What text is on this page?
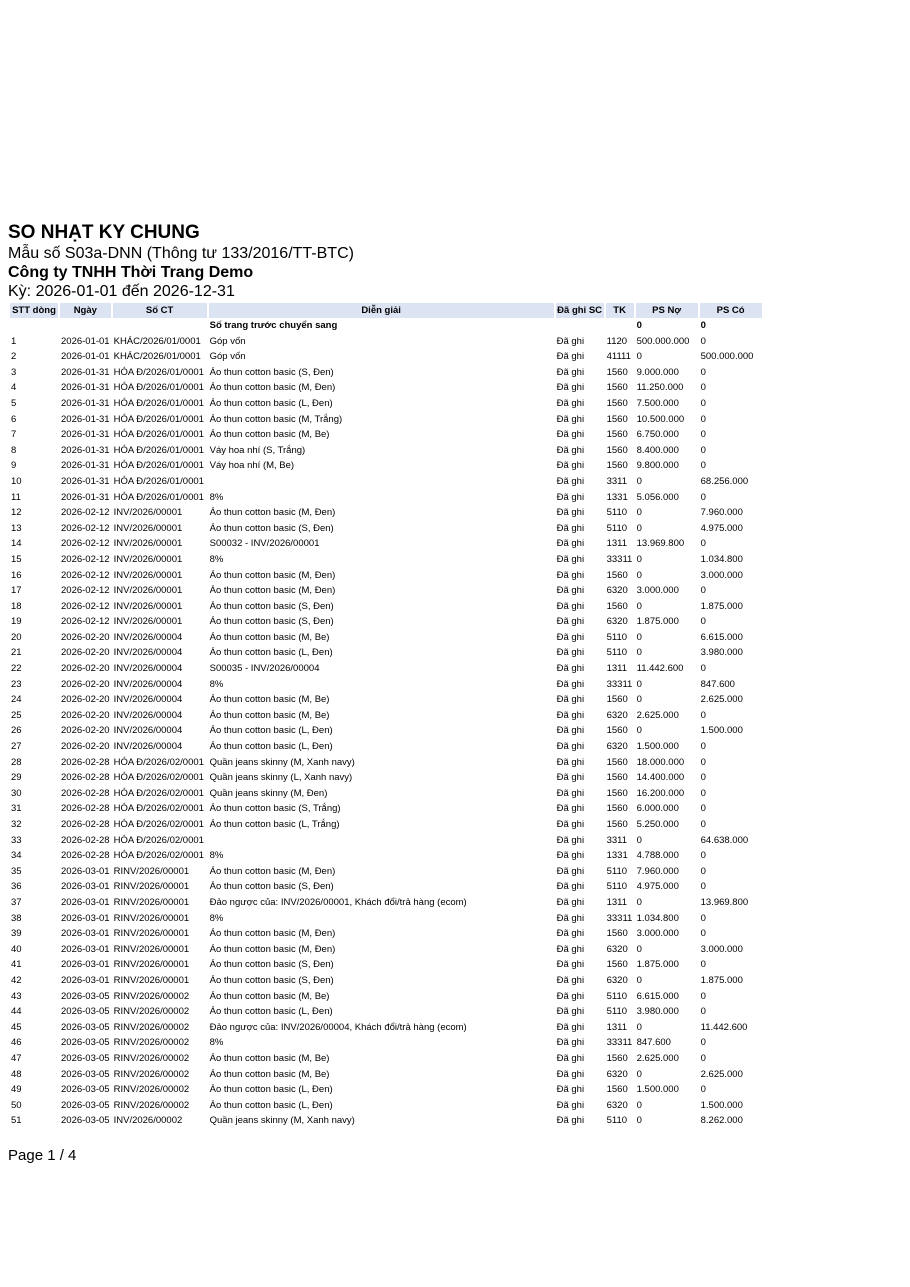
SO NHẠT KY CHUNG
Mẫu số S03a-DNN (Thông tư 133/2016/TT-BTC)
Công ty TNHH Thời Trang Demo
Kỳ: 2026-01-01 đến 2026-12-31
STT dòng	Ngày	Số CT	Diễn giải	Đã ghi SC	TK	PS Nợ	PS Có
			Số trang trước chuyển sang			0	0
1	2026-01-01	KHÁC/2026/01/0001	Góp vốn	Đã ghi	1120	500.000.000	0
2	2026-01-01	KHÁC/2026/01/0001	Góp vốn	Đã ghi	41111	0	500.000.000
3	2026-01-31	HÓA Đ/2026/01/0001	Áo thun cotton basic (S, Đen)	Đã ghi	1560	9.000.000	0
4	2026-01-31	HÓA Đ/2026/01/0001	Áo thun cotton basic (M, Đen)	Đã ghi	1560	11.250.000	0
5	2026-01-31	HÓA Đ/2026/01/0001	Áo thun cotton basic (L, Đen)	Đã ghi	1560	7.500.000	0
6	2026-01-31	HÓA Đ/2026/01/0001	Áo thun cotton basic (M, Trắng)	Đã ghi	1560	10.500.000	0
7	2026-01-31	HÓA Đ/2026/01/0001	Áo thun cotton basic (M, Be)	Đã ghi	1560	6.750.000	0
8	2026-01-31	HÓA Đ/2026/01/0001	Váy hoa nhí (S, Trắng)	Đã ghi	1560	8.400.000	0
9	2026-01-31	HÓA Đ/2026/01/0001	Váy hoa nhí (M, Be)	Đã ghi	1560	9.800.000	0
10	2026-01-31	HÓA Đ/2026/01/0001		Đã ghi	3311	0	68.256.000
11	2026-01-31	HÓA Đ/2026/01/0001	8%	Đã ghi	1331	5.056.000	0
12	2026-02-12	INV/2026/00001	Áo thun cotton basic (M, Đen)	Đã ghi	5110	0	7.960.000
13	2026-02-12	INV/2026/00001	Áo thun cotton basic (S, Đen)	Đã ghi	5110	0	4.975.000
14	2026-02-12	INV/2026/00001	S00032 - INV/2026/00001	Đã ghi	1311	13.969.800	0
15	2026-02-12	INV/2026/00001	8%	Đã ghi	33311	0	1.034.800
16	2026-02-12	INV/2026/00001	Áo thun cotton basic (M, Đen)	Đã ghi	1560	0	3.000.000
17	2026-02-12	INV/2026/00001	Áo thun cotton basic (M, Đen)	Đã ghi	6320	3.000.000	0
18	2026-02-12	INV/2026/00001	Áo thun cotton basic (S, Đen)	Đã ghi	1560	0	1.875.000
19	2026-02-12	INV/2026/00001	Áo thun cotton basic (S, Đen)	Đã ghi	6320	1.875.000	0
20	2026-02-20	INV/2026/00004	Áo thun cotton basic (M, Be)	Đã ghi	5110	0	6.615.000
21	2026-02-20	INV/2026/00004	Áo thun cotton basic (L, Đen)	Đã ghi	5110	0	3.980.000
22	2026-02-20	INV/2026/00004	S00035 - INV/2026/00004	Đã ghi	1311	11.442.600	0
23	2026-02-20	INV/2026/00004	8%	Đã ghi	33311	0	847.600
24	2026-02-20	INV/2026/00004	Áo thun cotton basic (M, Be)	Đã ghi	1560	0	2.625.000
25	2026-02-20	INV/2026/00004	Áo thun cotton basic (M, Be)	Đã ghi	6320	2.625.000	0
26	2026-02-20	INV/2026/00004	Áo thun cotton basic (L, Đen)	Đã ghi	1560	0	1.500.000
27	2026-02-20	INV/2026/00004	Áo thun cotton basic (L, Đen)	Đã ghi	6320	1.500.000	0
28	2026-02-28	HÓA Đ/2026/02/0001	Quần jeans skinny (M, Xanh navy)	Đã ghi	1560	18.000.000	0
29	2026-02-28	HÓA Đ/2026/02/0001	Quần jeans skinny (L, Xanh navy)	Đã ghi	1560	14.400.000	0
30	2026-02-28	HÓA Đ/2026/02/0001	Quần jeans skinny (M, Đen)	Đã ghi	1560	16.200.000	0
31	2026-02-28	HÓA Đ/2026/02/0001	Áo thun cotton basic (S, Trắng)	Đã ghi	1560	6.000.000	0
32	2026-02-28	HÓA Đ/2026/02/0001	Áo thun cotton basic (L, Trắng)	Đã ghi	1560	5.250.000	0
33	2026-02-28	HÓA Đ/2026/02/0001		Đã ghi	3311	0	64.638.000
34	2026-02-28	HÓA Đ/2026/02/0001	8%	Đã ghi	1331	4.788.000	0
35	2026-03-01	RINV/2026/00001	Áo thun cotton basic (M, Đen)	Đã ghi	5110	7.960.000	0
36	2026-03-01	RINV/2026/00001	Áo thun cotton basic (S, Đen)	Đã ghi	5110	4.975.000	0
37	2026-03-01	RINV/2026/00001	Đảo ngược của: INV/2026/00001, Khách đổi/trả hàng (ecom)	Đã ghi	1311	0	13.969.800
38	2026-03-01	RINV/2026/00001	8%	Đã ghi	33311	1.034.800	0
39	2026-03-01	RINV/2026/00001	Áo thun cotton basic (M, Đen)	Đã ghi	1560	3.000.000	0
40	2026-03-01	RINV/2026/00001	Áo thun cotton basic (M, Đen)	Đã ghi	6320	0	3.000.000
41	2026-03-01	RINV/2026/00001	Áo thun cotton basic (S, Đen)	Đã ghi	1560	1.875.000	0
42	2026-03-01	RINV/2026/00001	Áo thun cotton basic (S, Đen)	Đã ghi	6320	0	1.875.000
43	2026-03-05	RINV/2026/00002	Áo thun cotton basic (M, Be)	Đã ghi	5110	6.615.000	0
44	2026-03-05	RINV/2026/00002	Áo thun cotton basic (L, Đen)	Đã ghi	5110	3.980.000	0
45	2026-03-05	RINV/2026/00002	Đảo ngược của: INV/2026/00004, Khách đổi/trả hàng (ecom)	Đã ghi	1311	0	11.442.600
46	2026-03-05	RINV/2026/00002	8%	Đã ghi	33311	847.600	0
47	2026-03-05	RINV/2026/00002	Áo thun cotton basic (M, Be)	Đã ghi	1560	2.625.000	0
48	2026-03-05	RINV/2026/00002	Áo thun cotton basic (M, Be)	Đã ghi	6320	0	2.625.000
49	2026-03-05	RINV/2026/00002	Áo thun cotton basic (L, Đen)	Đã ghi	1560	1.500.000	0
50	2026-03-05	RINV/2026/00002	Áo thun cotton basic (L, Đen)	Đã ghi	6320	0	1.500.000
51	2026-03-05	INV/2026/00002	Quần jeans skinny (M, Xanh navy)	Đã ghi	5110	0	8.262.000
Page 1 / 4
